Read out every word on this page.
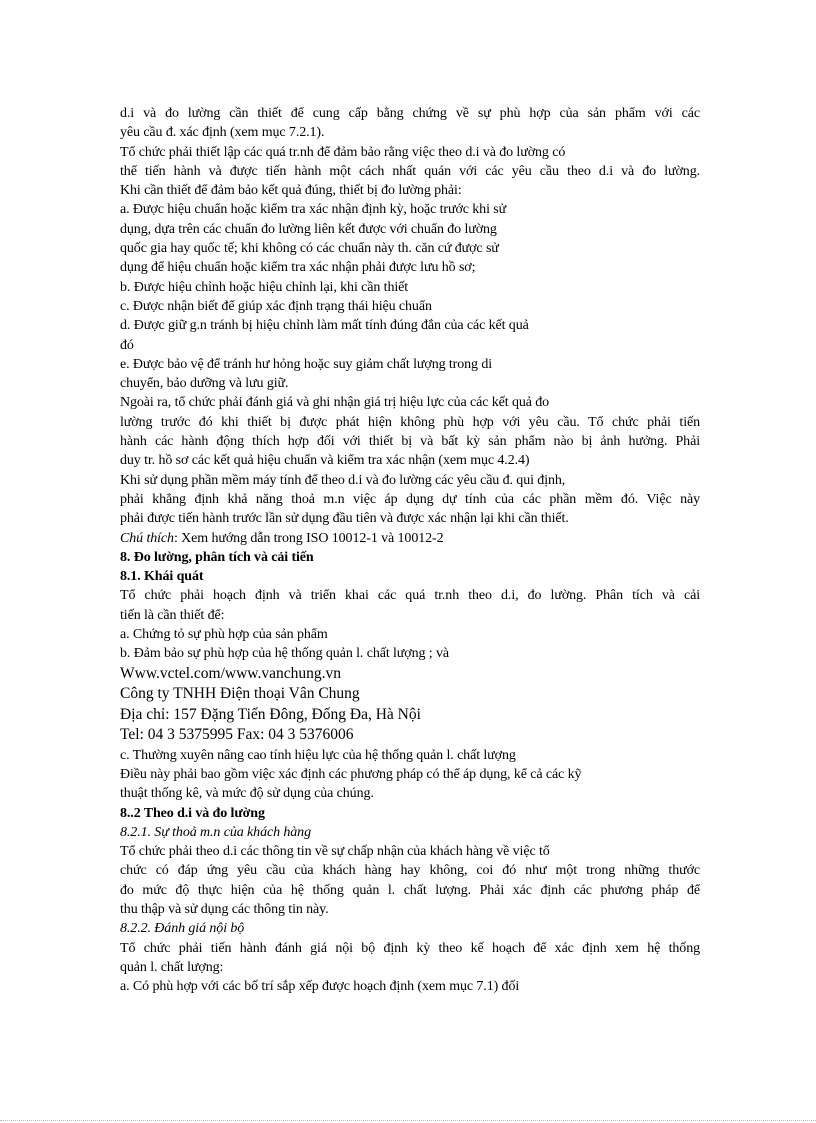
d.i và đo lường cần thiết để cung cấp bằng chứng về sự phù hợp của sản phẩm với các
yêu cầu đ. xác định (xem mục 7.2.1).
Tổ chức phải thiết lập các quá tr.nh để đảm bảo rằng việc theo d.i và đo lường có
thể tiến hành và được tiến hành một cách nhất quán với các yêu cầu theo d.i và đo lường.
Khi cần thiết để đảm bảo kết quả đúng, thiết bị đo lường phải:
a. Được hiệu chuẩn hoặc kiểm tra xác nhận định kỳ, hoặc trước khi sử
dụng, dựa trên các chuẩn đo lường liên kết được với chuẩn đo lường
quốc gia hay quốc tế; khi không có các chuẩn này th. căn cứ được sử
dụng để hiệu chuẩn hoặc kiểm tra xác nhận phải được lưu hồ sơ;
b. Được hiệu chỉnh hoặc hiệu chỉnh lại, khi cần thiết
c. Được nhận biết để giúp xác định trạng thái hiệu chuẩn
d. Được giữ g.n tránh bị hiệu chỉnh làm mất tính đúng đắn của các kết quả
đó
e. Được bảo vệ để tránh hư hỏng hoặc suy giảm chất lượng trong di
chuyển, bảo dưỡng và lưu giữ.
Ngoài ra, tổ chức phải đánh giá và ghi nhận giá trị hiệu lực của các kết quả đo
lường trước đó khi thiết bị được phát hiện không phù hợp với yêu cầu. Tổ chức phải tiến
hành các hành động thích hợp đối với thiết bị và bất kỳ sản phẩm nào bị ảnh hưởng. Phải
duy tr. hồ sơ các kết quả hiệu chuẩn và kiểm tra xác nhận (xem mục 4.2.4)
Khi sử dụng phần mềm máy tính để theo d.i và đo lường các yêu cầu đ. qui định,
phải khẳng định khả năng thoả m.n việc áp dụng dự tính của các phần mềm đó. Việc này
phải được tiến hành trước lần sử dụng đầu tiên và được xác nhận lại khi cần thiết.
Chú thích: Xem hướng dẫn trong ISO 10012-1 và 10012-2
8. Đo lường, phân tích và cải tiến
8.1. Khái quát
Tổ chức phải hoạch định và triển khai các quá tr.nh theo d.i, đo lường. Phân tích và cải
tiến là cần thiết để:
a. Chứng tỏ sự phù hợp của sản phẩm
b. Đảm bảo sự phù hợp của hệ thống quản l. chất lượng ; và
Www.vctel.com/www.vanchung.vn
Công ty TNHH Điện thoại Vân Chung
Địa chỉ: 157 Đặng Tiến Đông, Đống Đa, Hà Nội
Tel: 04 3 5375995 Fax: 04 3 5376006
c. Thường xuyên nâng cao tính hiệu lực của hệ thống quản l. chất lượng
Điều này phải bao gồm việc xác định các phương pháp có thể áp dụng, kể cả các kỹ
thuật thống kê, và mức độ sử dụng của chúng.
8..2 Theo d.i và đo lường
8.2.1. Sự thoả m.n của khách hàng
Tổ chức phải theo d.i các thông tin về sự chấp nhận của khách hàng về việc tổ
chức có đáp ứng yêu cầu của khách hàng hay không, coi đó như một trong những thước
đo mức độ thực hiện của hệ thống quản l. chất lượng. Phải xác định các phương pháp để
thu thập và sử dụng các thông tin này.
8.2.2. Đánh giá nội bộ
Tổ chức phải tiến hành đánh giá nội bộ định kỳ theo kế hoạch để xác định xem hệ thống
quản l. chất lượng:
a. Có phù hợp với các bố trí sắp xếp được hoạch định (xem mục 7.1) đối
